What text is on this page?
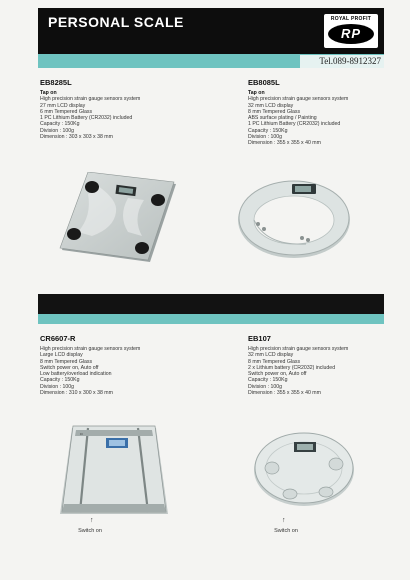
PERSONAL SCALE	ROYAL PROFIT
RP
Tel.089-8912327
EB8285L
Tap on
High precision strain gauge sensors system
27 mm LCD display
6 mm Tempered Glass
1 PC Lithium Battery (CR2032) included
Capacity : 150Kg
Division : 100g
Dimension : 303 x 303 x 38 mm
EB8085L
Tap on
High precision strain gauge sensors system
32 mm LCD display
8 mm Tempered Glass
ABS surface plating / Painting
1 PC Lithium Battery (CR2032) included
Capacity : 150Kg
Division : 100g
Dimension : 355 x 355 x 40 mm
CR6607-R
High precision strain gauge sensors system
Large LCD display
8 mm Tempered Glass
Switch power on, Auto off
Low battery/overload indication
Capacity : 150Kg
Division : 100g
Dimension : 310 x 300 x 38 mm
••
↑
Switch on
EB107
High precision strain gauge sensors system
32 mm LCD display
8 mm Tempered Glass
2 x Lithium battery (CR2032) included
Switch power on, Auto off
Capacity : 150Kg
Division : 100g
Dimension : 355 x 355 x 40 mm
↑
Switch on
